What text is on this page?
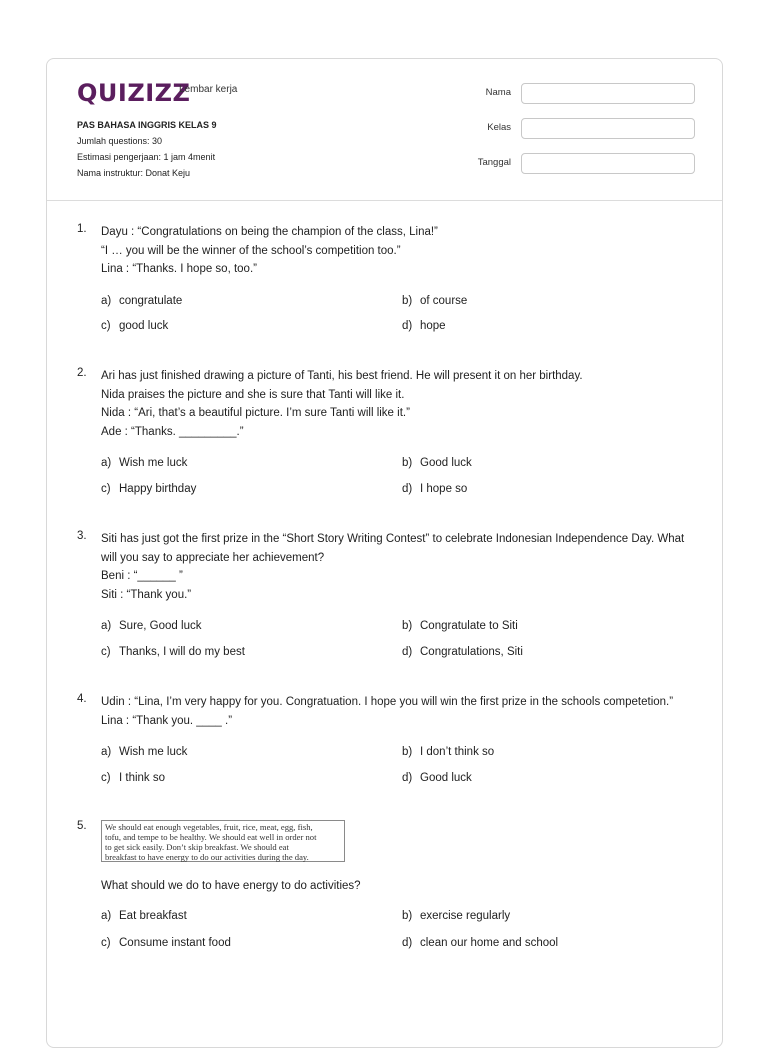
QUIZIZZ
Lembar kerja
PAS BAHASA INGGRIS KELAS 9
Jumlah questions: 30
Estimasi pengerjaan: 1 jam 4menit
Nama instruktur: Donat Keju
Nama
Kelas
Tanggal
1. Dayu : “Congratulations on being the champion of the class, Lina!”
“I … you will be the winner of the school’s competition too.”
Lina : “Thanks. I hope so, too.”
a) congratulate	b) of course
c) good luck	d) hope
2. Ari has just finished drawing a picture of Tanti, his best friend. He will present it on her birthday.
Nida praises the picture and she is sure that Tanti will like it.
Nida : “Ari, that’s a beautiful picture. I’m sure Tanti will like it.”
Ade : “Thanks. _________.”
a) Wish me luck	b) Good luck
c) Happy birthday	d) I hope so
3. Siti has just got the first prize in the “Short Story Writing Contest” to celebrate Indonesian Independence Day. What will you say to appreciate her achievement?
Beni : “______ ”
Siti : “Thank you.”
a) Sure, Good luck	b) Congratulate to Siti
c) Thanks, I will do my best	d) Congratulations, Siti
4. Udin : “Lina, I’m very happy for you. Congratuation. I hope you will win the first prize in the schools competetion.”
Lina : “Thank you. ____ .”
a) Wish me luck	b) I don’t think so
c) I think so	d) Good luck
5. We should eat enough vegetables, fruit, rice, meat, egg, fish,
tofu, and tempe to be healthy. We should eat well in order not
to get sick easily. Don’t skip breakfast. We should eat
breakfast to have energy to do our activities during the day.
What should we do to have energy to do activities?
a) Eat breakfast	b) exercise regularly
c) Consume instant food	d) clean our home and school
